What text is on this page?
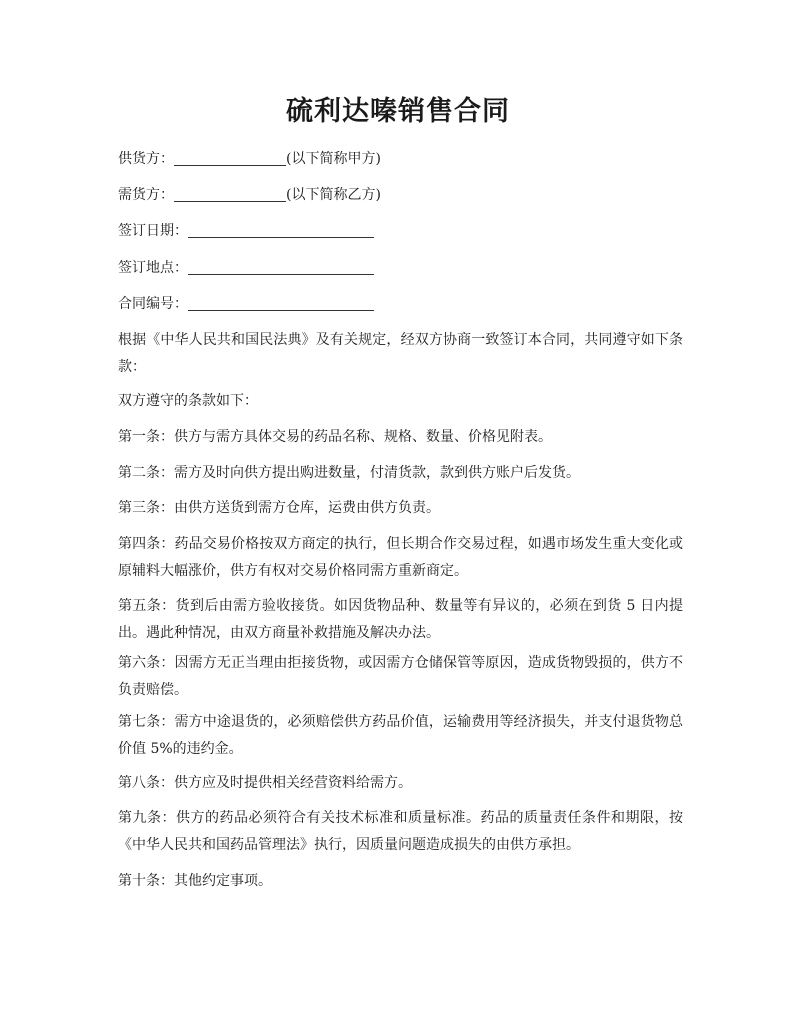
硫利达嗪销售合同
供货方：	(以下简称甲方)
需货方：	(以下简称乙方)
签订日期：
签订地点：
合同编号：
根据《中华人民共和国民法典》及有关规定，经双方协商一致签订本合同，共同遵守如下条款：
双方遵守的条款如下：
第一条：供方与需方具体交易的药品名称、规格、数量、价格见附表。
第二条：需方及时向供方提出购进数量，付清货款，款到供方账户后发货。
第三条：由供方送货到需方仓库，运费由供方负责。
第四条：药品交易价格按双方商定的执行，但长期合作交易过程，如遇市场发生重大变化或原辅料大幅涨价，供方有权对交易价格同需方重新商定。
第五条：货到后由需方验收接货。如因货物品种、数量等有异议的，必须在到货 5 日内提出。遇此种情况，由双方商量补救措施及解决办法。
第六条：因需方无正当理由拒接货物，或因需方仓储保管等原因，造成货物毁损的，供方不负责赔偿。
第七条：需方中途退货的，必须赔偿供方药品价值，运输费用等经济损失，并支付退货物总价值 5%的违约金。
第八条：供方应及时提供相关经营资料给需方。
第九条：供方的药品必须符合有关技术标准和质量标准。药品的质量责任条件和期限，按《中华人民共和国药品管理法》执行，因质量问题造成损失的由供方承担。
第十条：其他约定事项。
